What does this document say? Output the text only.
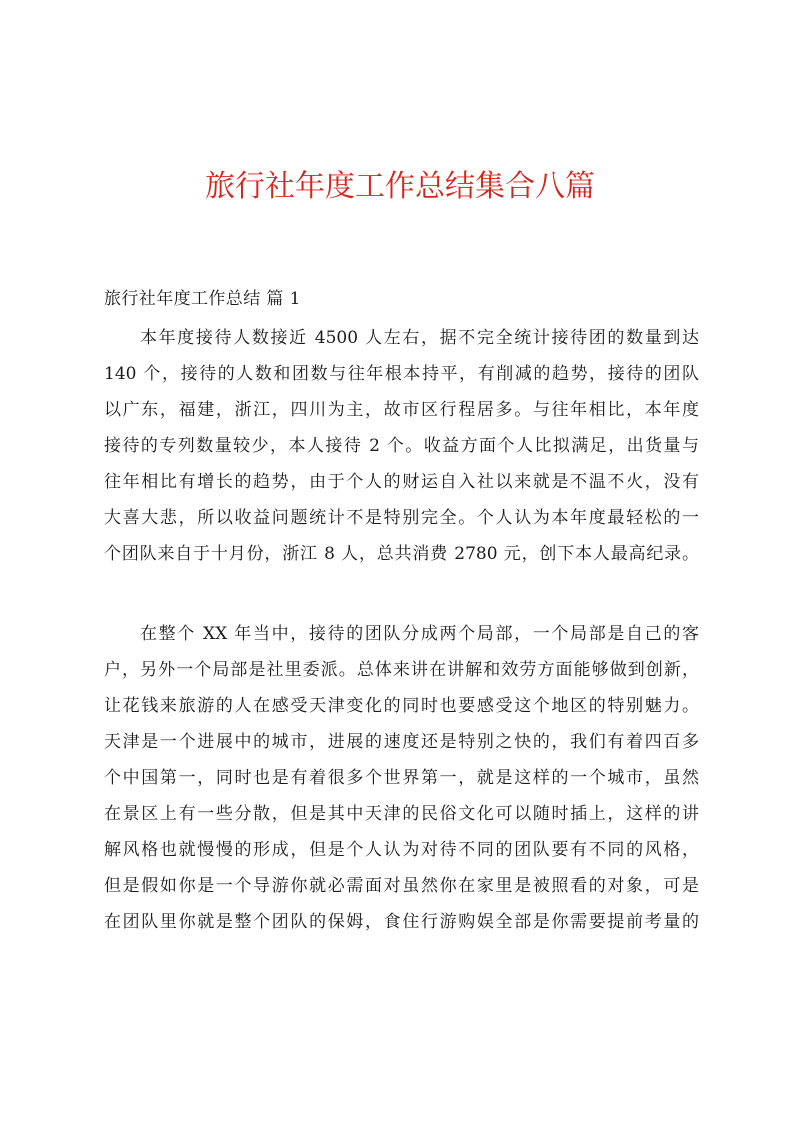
旅行社年度工作总结集合八篇
旅行社年度工作总结 篇 1
本年度接待人数接近 4500 人左右，据不完全统计接待团的数量到达
140 个，接待的人数和团数与往年根本持平，有削减的趋势，接待的团队
以广东，福建，浙江，四川为主，故市区行程居多。与往年相比，本年度
接待的专列数量较少，本人接待 2 个。收益方面个人比拟满足，出货量与
往年相比有增长的趋势，由于个人的财运自入社以来就是不温不火，没有
大喜大悲，所以收益问题统计不是特别完全。个人认为本年度最轻松的一
个团队来自于十月份，浙江 8 人，总共消费 2780 元，创下本人最高纪录。
在整个 XX 年当中，接待的团队分成两个局部，一个局部是自己的客
户，另外一个局部是社里委派。总体来讲在讲解和效劳方面能够做到创新，
让花钱来旅游的人在感受天津变化的同时也要感受这个地区的特别魅力。
天津是一个进展中的城市，进展的速度还是特别之快的，我们有着四百多
个中国第一，同时也是有着很多个世界第一，就是这样的一个城市，虽然
在景区上有一些分散，但是其中天津的民俗文化可以随时插上，这样的讲
解风格也就慢慢的形成，但是个人认为对待不同的团队要有不同的风格，
但是假如你是一个导游你就必需面对虽然你在家里是被照看的对象，可是
在团队里你就是整个团队的保姆，食住行游购娱全部是你需要提前考量的
